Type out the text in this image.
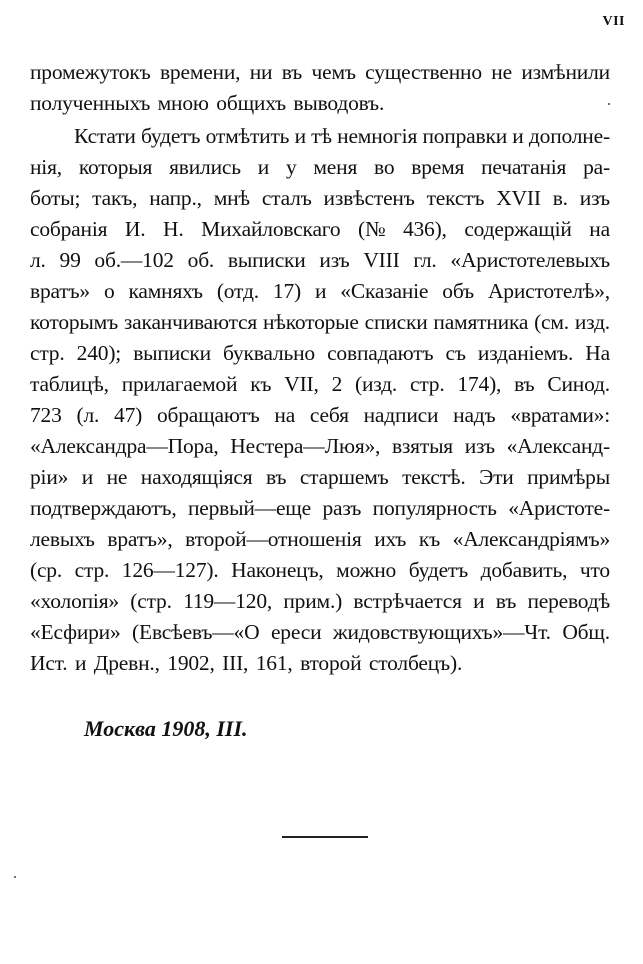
VII
промежутокъ времени, ни въ чемъ существенно не измѣнили
полученныхъ мною общихъ выводовъ.
Кстати будетъ отмѣтить и тѣ немногія поправки и дополне-
нія, которыя явились и у меня во время печатанія ра-
боты; такъ, напр., мнѣ сталъ извѣстенъ текстъ XVII в. изъ
собранія И. Н. Михайловскаго (№ 436), содержащій на
л. 99 об.—102 об. выписки изъ VIII гл. «Аристотелевыхъ
вратъ» о камняхъ (отд. 17) и «Сказаніе объ Аристотелѣ»,
которымъ заканчиваются нѣкоторые списки памятника (см. изд.
стр. 240); выписки буквально совпадаютъ съ изданіемъ. На
таблицѣ, прилагаемой къ VII, 2 (изд. стр. 174), въ Синод.
723 (л. 47) обращаютъ на себя надписи надъ «вратами»:
«Александра—Пора, Нестера—Люя», взятыя изъ «Александ-
ріи» и не находящіяся въ старшемъ текстѣ. Эти примѣры
подтверждаютъ, первый—еще разъ популярность «Аристоте-
левыхъ вратъ», второй—отношенія ихъ къ «Александріямъ»
(ср. стр. 126—127). Наконецъ, можно будетъ добавить, что
«холопія» (стр. 119—120, прим.) встрѣчается и въ переводѣ
«Есфири» (Евсѣевъ—«О ереси жидовствующихъ»—Чт. Общ.
Ист. и Древн., 1902, III, 161, второй столбецъ).
Москва 1908, III.
